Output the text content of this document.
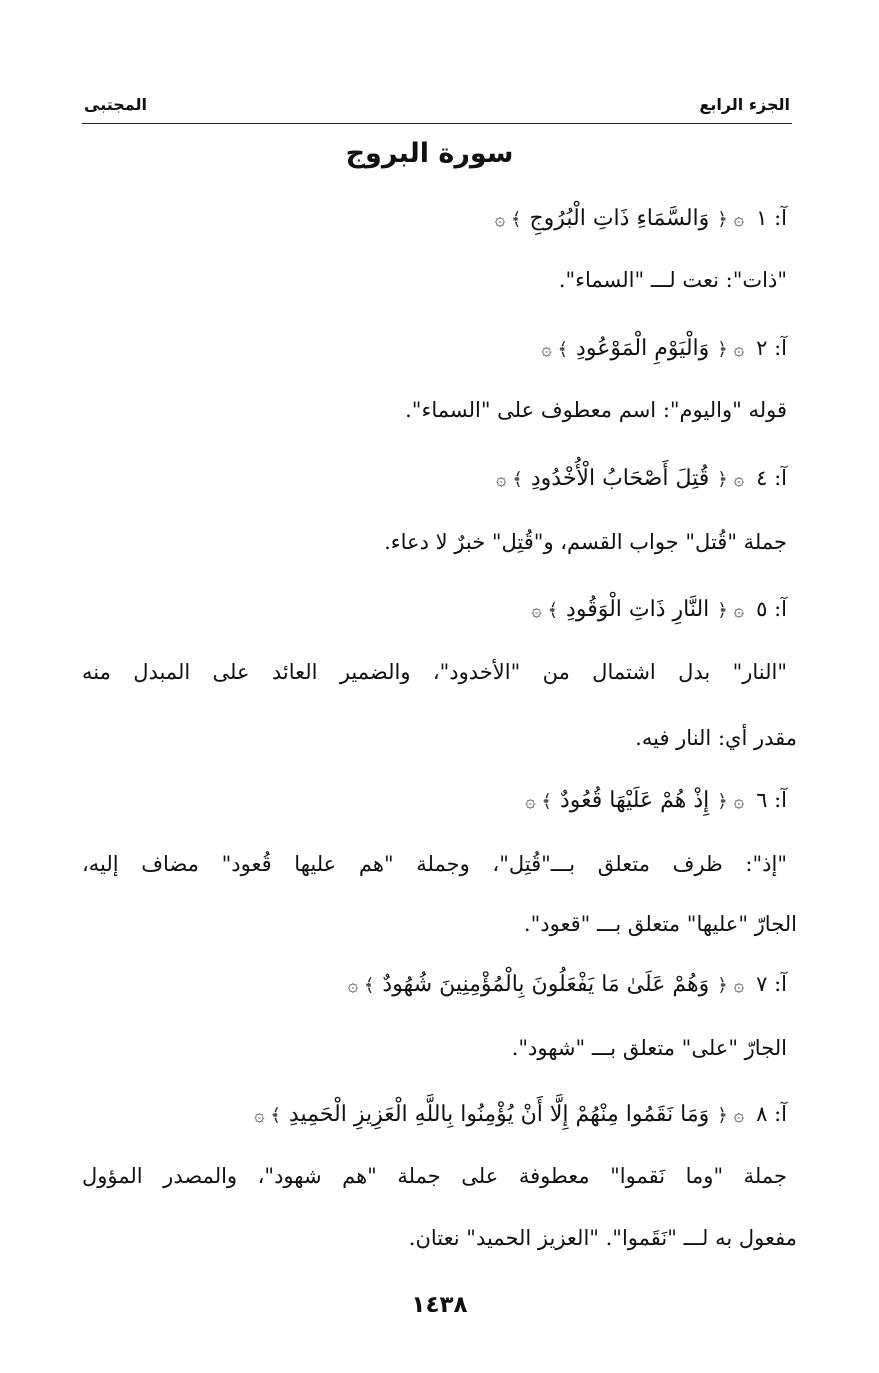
الجزء الرابع
المجتبى
سورة البروج
آ: ١۞ ﴿وَالسَّمَاءِ ذَاتِ الْبُرُوجِ﴾ ۞
"ذات": نعت لـــ "السماء".
آ: ٢۞ ﴿وَالْيَوْمِ الْمَوْعُودِ﴾ ۞
قوله "واليوم": اسم معطوف على "السماء".
آ: ٤۞ ﴿قُتِلَ أَصْحَابُ الْأُخْدُودِ﴾ ۞
جملة "قُتل" جواب القسم، و"قُتِل" خبرٌ لا دعاء.
آ: ٥۞ ﴿النَّارِ ذَاتِ الْوَقُودِ﴾ ۞
"النار" بدل اشتمال من "الأخدود"، والضمير العائد على المبدل منه
مقدر أي: النار فيه.
آ: ٦۞ ﴿إِذْ هُمْ عَلَيْهَا قُعُودٌ﴾ ۞
"إذ": ظرف متعلق بـــ"قُتِل"، وجملة "هم عليها قُعود" مضاف إليه،
الجارّ "عليها" متعلق بـــ "قعود".
آ: ٧۞ ﴿وَهُمْ عَلَىٰ مَا يَفْعَلُونَ بِالْمُؤْمِنِينَ شُهُودٌ﴾ ۞
الجارّ "على" متعلق بـــ "شهود".
آ: ٨۞ ﴿وَمَا نَقَمُوا مِنْهُمْ إِلَّا أَنْ يُؤْمِنُوا بِاللَّهِ الْعَزِيزِ الْحَمِيدِ﴾ ۞
جملة "وما نَقموا" معطوفة على جملة "هم شهود"، والمصدر المؤول
مفعول به لـــ "نَقَموا". "العزيز الحميد" نعتان.
١٤٣٨
